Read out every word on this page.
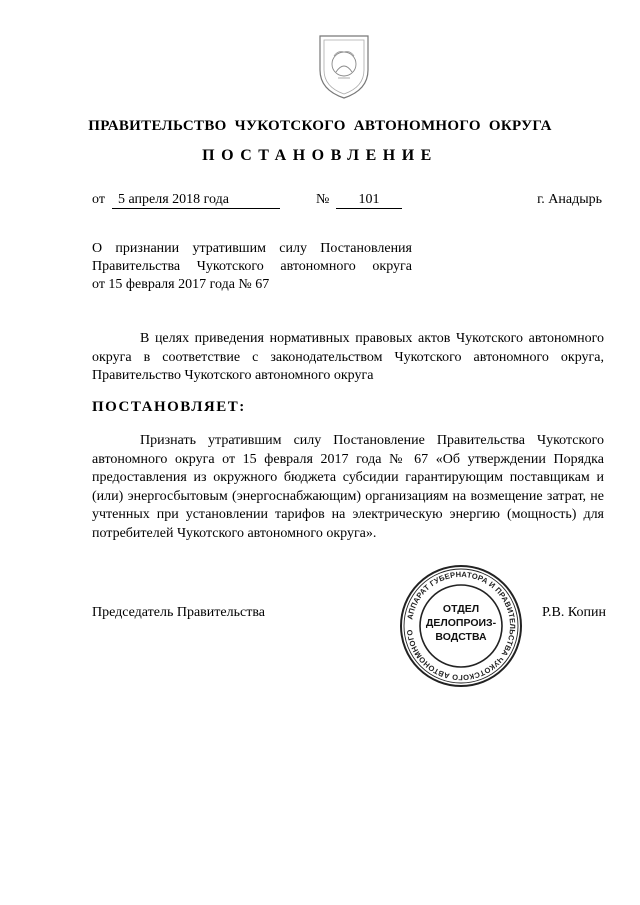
ПРАВИТЕЛЬСТВО ЧУКОТСКОГО АВТОНОМНОГО ОКРУГА
ПОСТАНОВЛЕНИЕ
от 5 апреля 2018 года	№	101	г. Анадырь
О признании утратившим силу Постановления
Правительства Чукотского автономного округа
от 15 февраля 2017 года № 67
В целях приведения нормативных правовых актов Чукотского автономного округа в соответствие с законодательством Чукотского автономного округа, Правительство Чукотского автономного округа
ПОСТАНОВЛЯЕТ:
Признать утратившим силу Постановление Правительства Чукотского автономного округа от 15 февраля 2017 года № 67 «Об утверждении Порядка предоставления из окружного бюджета субсидии гарантирующим поставщикам и (или) энергосбытовым (энергоснабжающим) организациям на возмещение затрат, не учтенных при установлении тарифов на электрическую энергию (мощность) для потребителей Чукотского автономного округа».
Председатель Правительства	Р.В. Копин
АППАРАТ ГУБЕРНАТОРА И ПРАВИТЕЛЬСТВА ЧУКОТСКОГО АВТОНОМНОГО
ОТДЕЛ
ДЕЛОПРОИЗ-
ВОДСТВА
